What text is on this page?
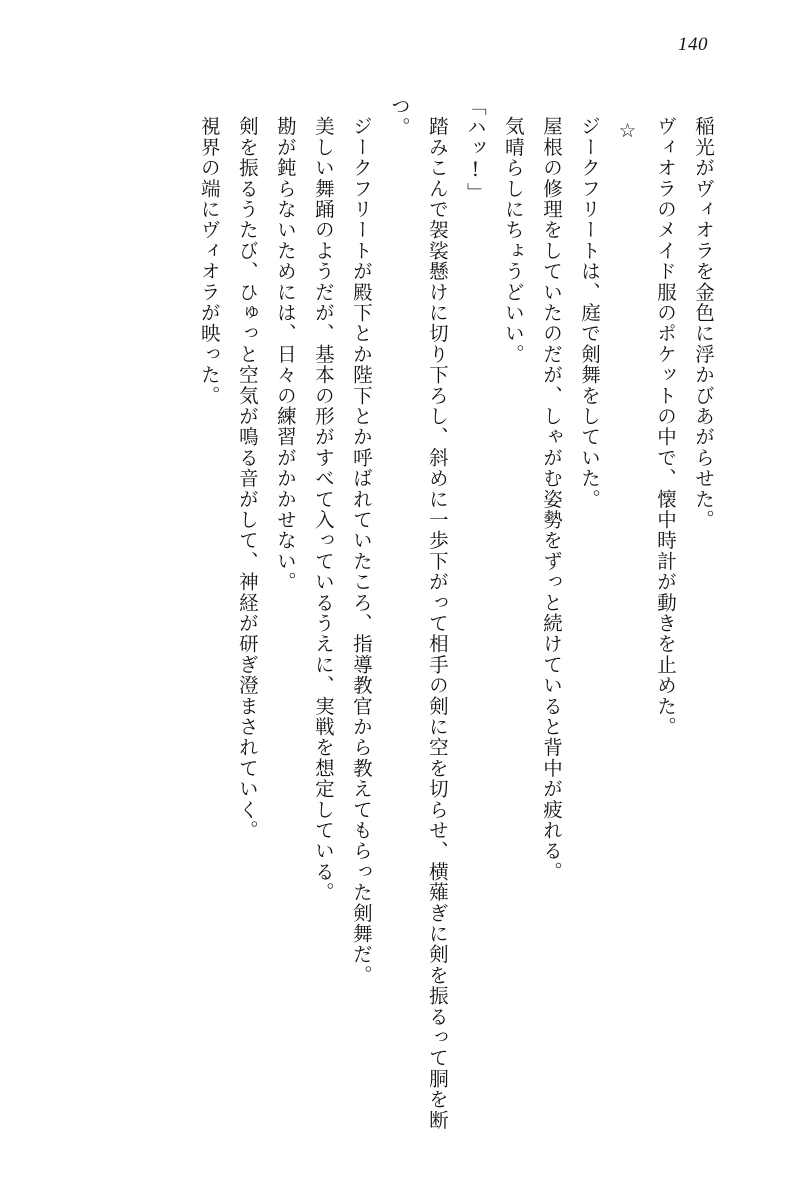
140

稲光がヴィオラを金色に浮かびあがらせた。

ヴィオラのメイド服のポケットの中で、懐中時計が動きを止めた。

☆

ジークフリートは、庭で剣舞をしていた。

屋根の修理をしていたのだが、しゃがむ姿勢をずっと続けていると背中が疲れる。

気晴らしにちょうどいい。

「ハッ!」

踏みこんで袈裟懸けに切り下ろし、斜めに一歩下がって相手の剣に空を切らせ、横薙ぎに剣を振るって胴を断つ。

ジークフリートが殿下とか陛下とか呼ばれていたころ、指導教官から教えてもらった剣舞だ。

美しい舞踊のようだが、基本の形がすべて入っているうえに、実戦を想定している。

勘が鈍らないためには、日々の練習がかかせない。

剣を振るうたび、ひゅっと空気が鳴る音がして、神経が研ぎ澄まされていく。

視界の端にヴィオラが映った。
